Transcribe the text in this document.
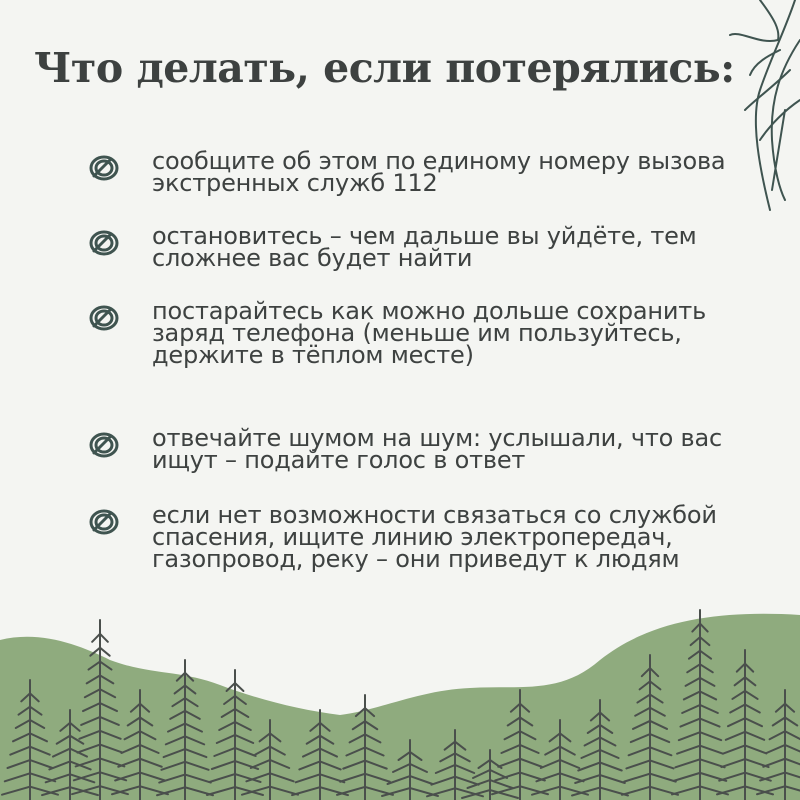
Что делать, если потерялись:
сообщите об этом по единому номеру вызова экстренных служб 112
остановитесь – чем дальше вы уйдёте, тем сложнее вас будет найти
постарайтесь как можно дольше сохранить заряд телефона (меньше им пользуйтесь, держите в тёплом месте)
отвечайте шумом на шум: услышали, что вас ищут – подайте голос в ответ
если нет возможности связаться со службой спасения, ищите линию электропередач, газопровод, реку – они приведут к людям
